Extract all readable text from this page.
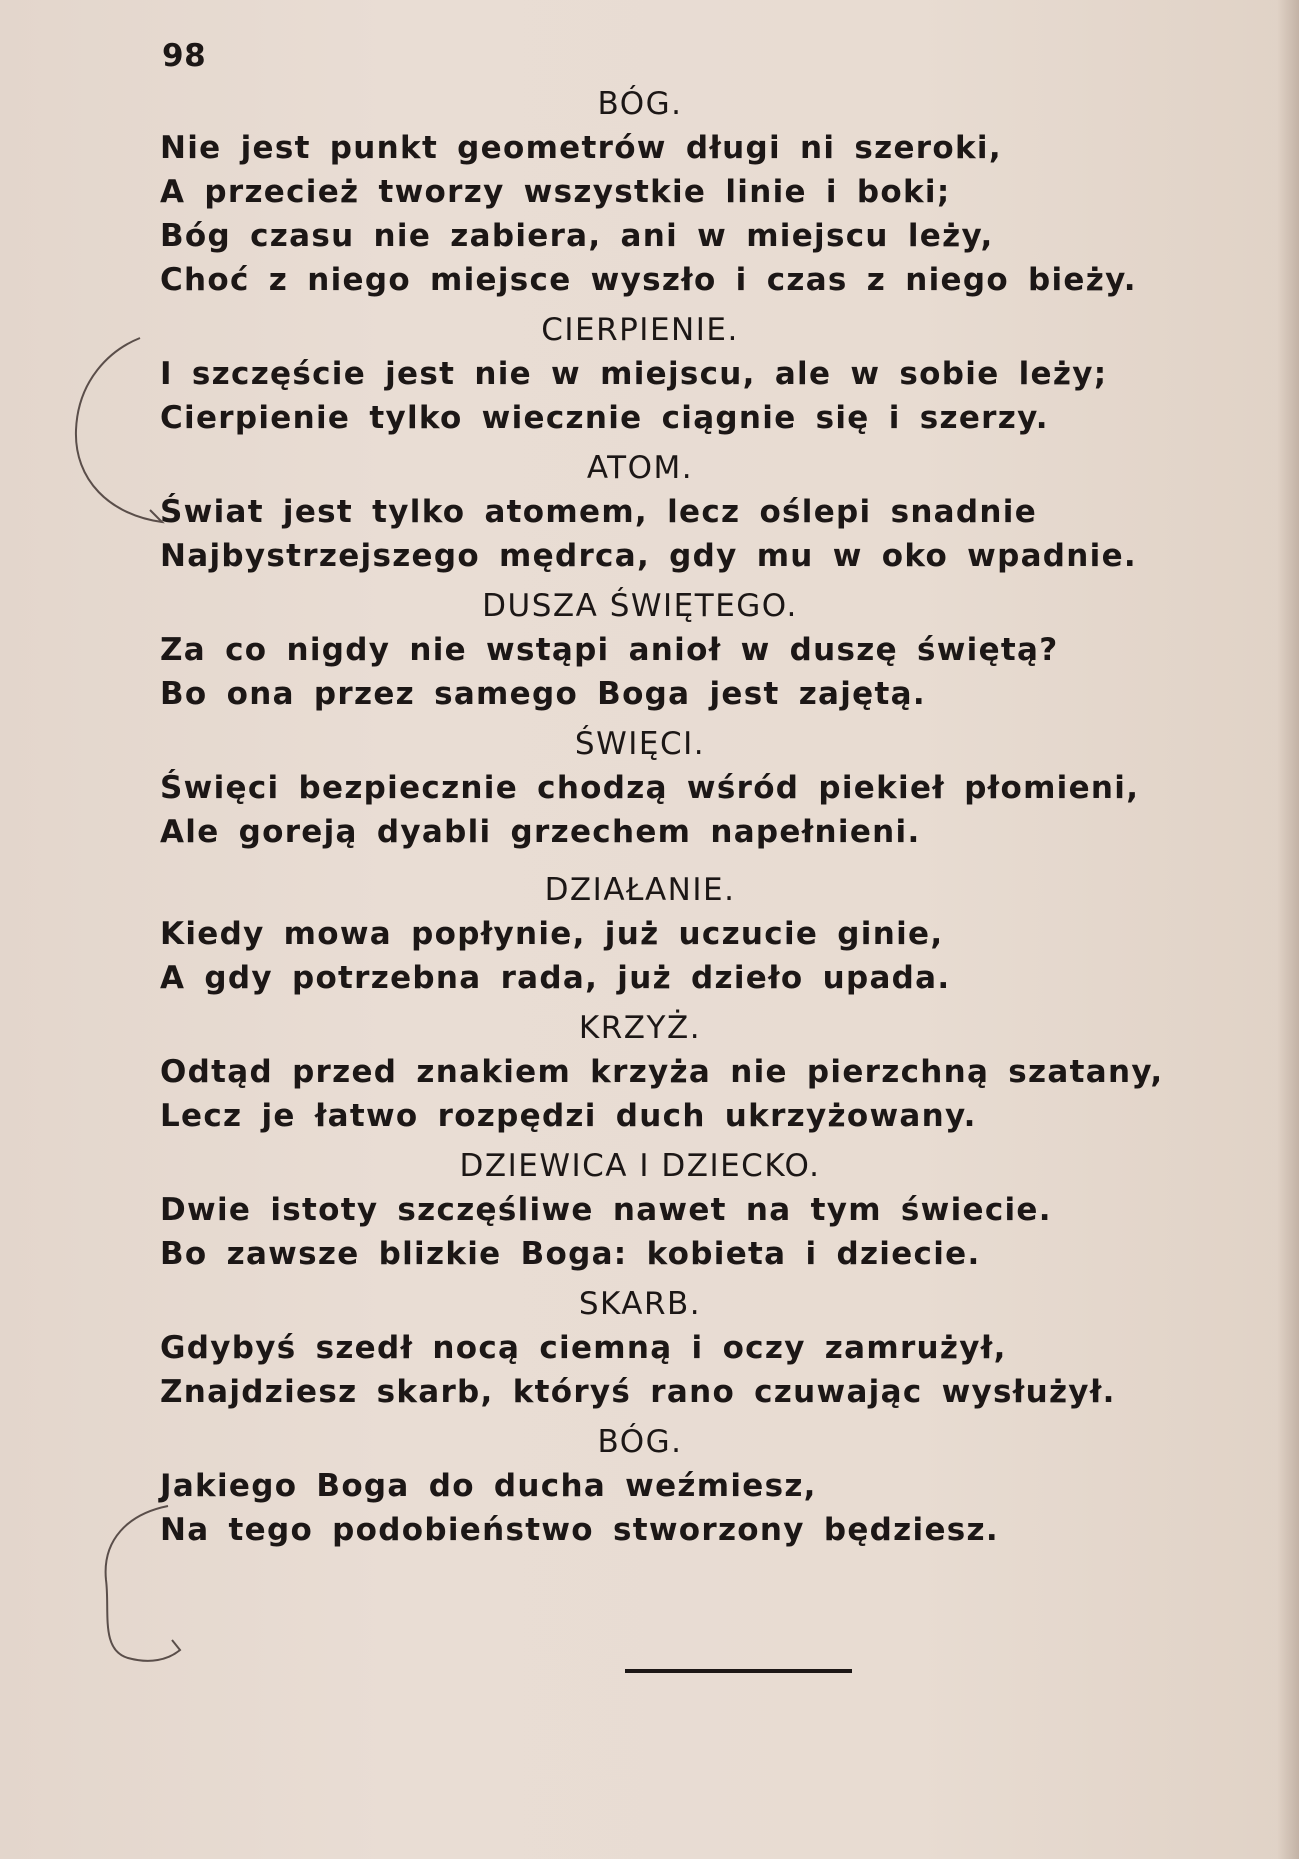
98
BÓG.
Nie jest punkt geometrów długi ni szeroki,
A przecież tworzy wszystkie linie i boki;
Bóg czasu nie zabiera, ani w miejscu leży,
Choć z niego miejsce wyszło i czas z niego bieży.
CIERPIENIE.
I szczęście jest nie w miejscu, ale w sobie leży;
Cierpienie tylko wiecznie ciągnie się i szerzy.
ATOM.
Świat jest tylko atomem, lecz oślepi snadnie
Najbystrzejszego mędrca, gdy mu w oko wpadnie.
DUSZA ŚWIĘTEGO.
Za co nigdy nie wstąpi anioł w duszę świętą?
Bo ona przez samego Boga jest zajętą.
ŚWIĘCI.
Święci bezpiecznie chodzą wśród piekieł płomieni,
Ale goreją dyabli grzechem napełnieni.
DZIAŁANIE.
Kiedy mowa popłynie, już uczucie ginie,
A gdy potrzebna rada, już dzieło upada.
KRZYŻ.
Odtąd przed znakiem krzyża nie pierzchną szatany,
Lecz je łatwo rozpędzi duch ukrzyżowany.
DZIEWICA I DZIECKO.
Dwie istoty szczęśliwe nawet na tym świecie.
Bo zawsze blizkie Boga: kobieta i dziecie.
SKARB.
Gdybyś szedł nocą ciemną i oczy zamrużył,
Znajdziesz skarb, któryś rano czuwając wysłużył.
BÓG.
Jakiego Boga do ducha weźmiesz,
Na tego podobieństwo stworzony będziesz.
